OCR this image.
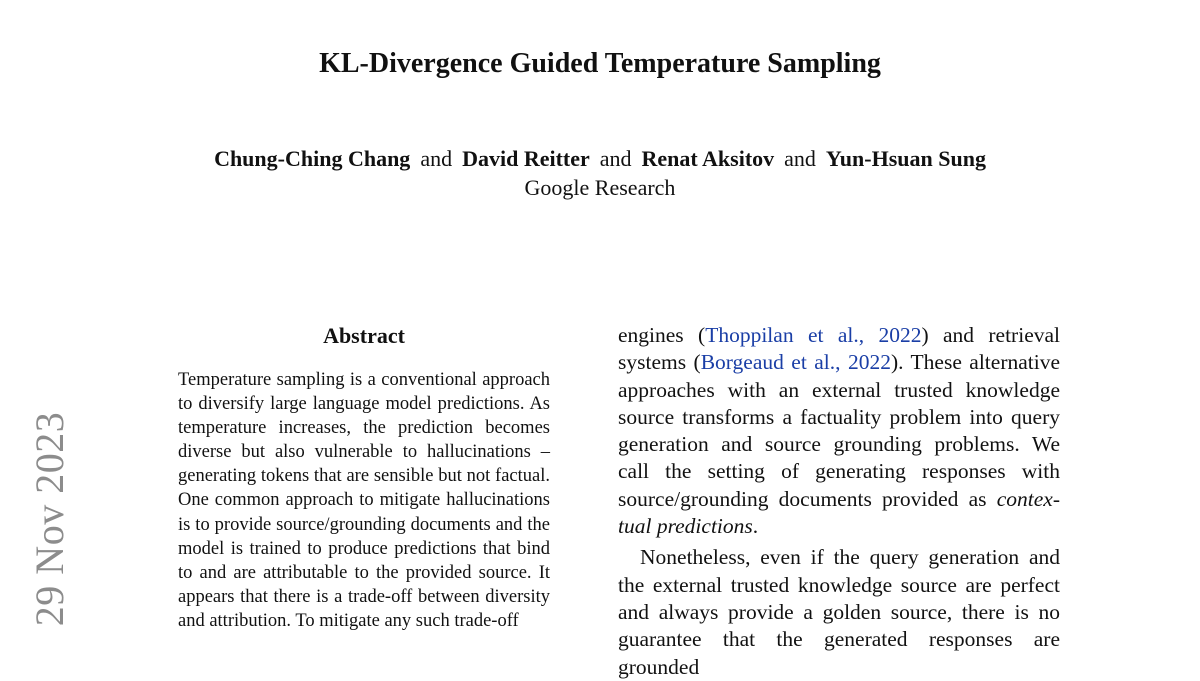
KL-Divergence Guided Temperature Sampling
Chung-Ching Chang and David Reitter and Renat Aksitov and Yun-Hsuan Sung
Google Research
29 Nov 2023
Abstract

Temperature sampling is a conventional approach to diversify large language model predictions. As temperature increases, the prediction becomes diverse but also vulnerable to hallucinations – generating tokens that are sensible but not factual. One common approach to mitigate hallucinations is to provide source/grounding documents and the model is trained to produce predictions that bind to and are attributable to the provided source. It appears that there is a trade-off between diversity and attribution. To mitigate any such trade-off

engines (Thoppilan et al., 2022) and retrieval systems (Borgeaud et al., 2022). These alternative approaches with an external trusted knowledge source transforms a factuality problem into query generation and source grounding problems. We call the setting of generating responses with source/grounding documents provided as contextual predictions.

Nonetheless, even if the query generation and the external trusted knowledge source are perfect and always provide a golden source, there is no guarantee that the generated responses are grounded
